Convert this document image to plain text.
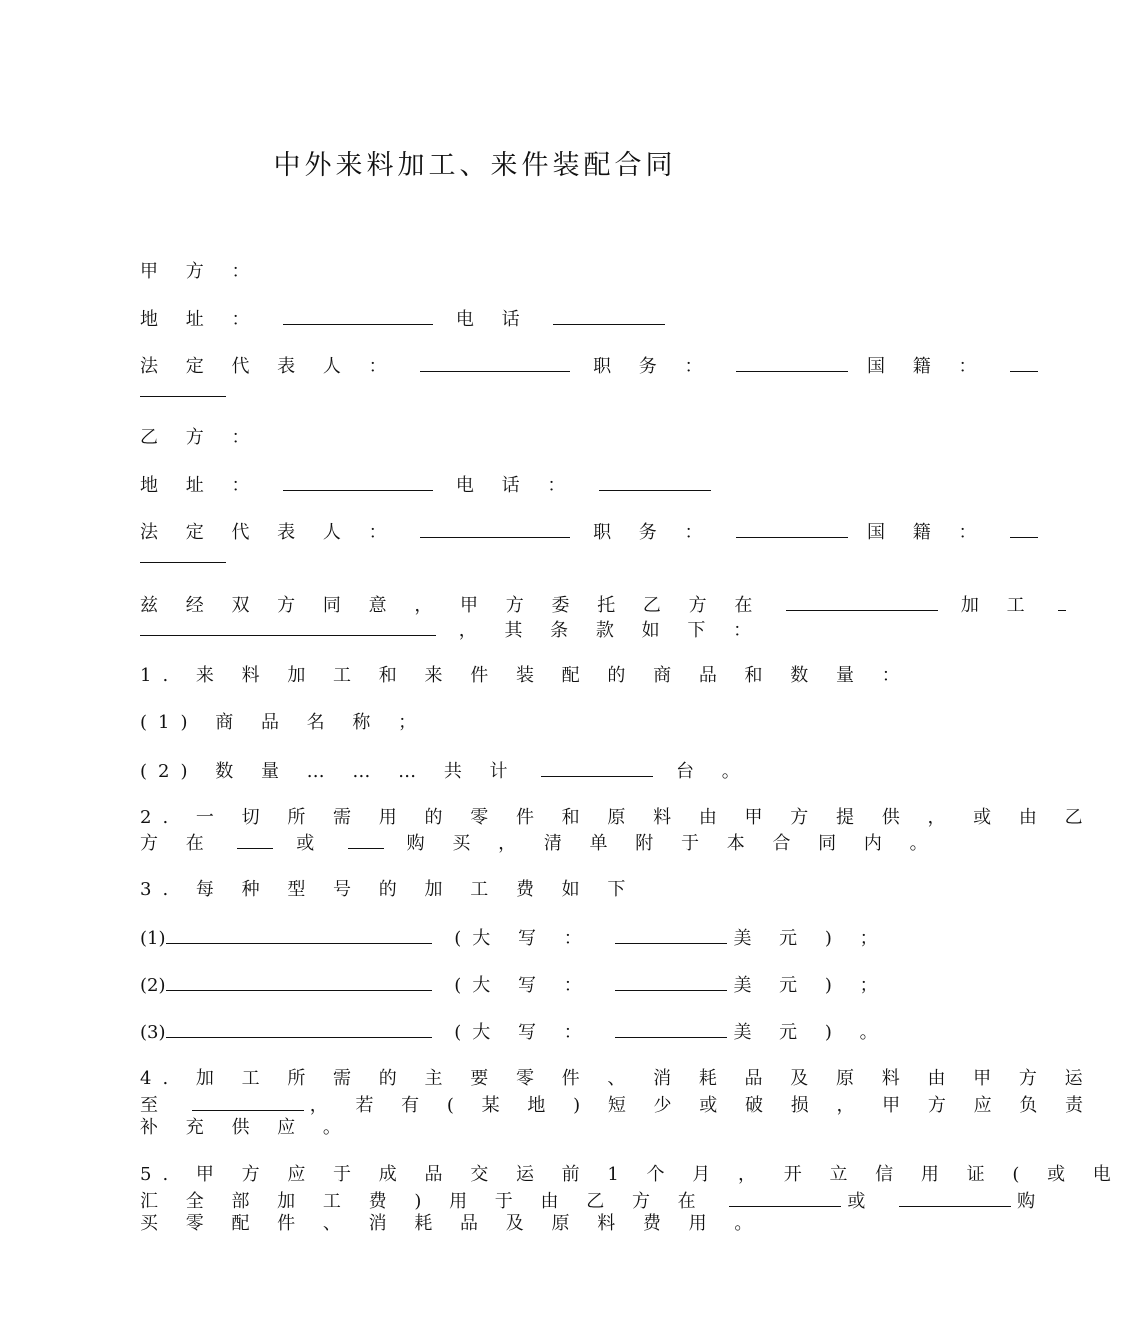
中外来料加工、来件装配合同
甲 方 ：
地 址 ：	电 话
法 定 代 表 人 ：	职 务 ：	国 籍 ：
乙 方 ：
地 址 ：	电 话 ：
法 定 代 表 人 ：	职 务 ：	国 籍 ：
兹 经 双 方 同 意 ， 甲 方 委 托 乙 方 在	加 工
， 其 条 款 如 下 ：
1. 来 料 加 工 和 来 件 装 配 的 商 品 和 数 量 ：
(1) 商 品 名 称 ；
(2) 数 量 … … … 共 计	台 。
2. 一 切 所 需 用 的 零 件 和 原 料 由 甲 方 提 供 ， 或 由 乙
方 在	或	购 买 ， 清 单 附 于 本 合 同 内 。
3. 每 种 型 号 的 加 工 费 如 下
(1)	(大 写 ：	美 元 ) ；
(2)	(大 写 ：	美 元 ) ；
(3)	(大 写 ：	美 元 ) 。
4. 加 工 所 需 的 主 要 零 件 、 消 耗 品 及 原 料 由 甲 方 运
至	， 若 有 ( 某 地 ) 短 少 或 破 损 ， 甲 方 应 负 责
补 充 供 应 。
5. 甲 方 应 于 成 品 交 运 前 1 个 月 ， 开 立 信 用 证 ( 或 电
汇 全 部 加 工 费 ) 用 于 由 乙 方 在	或	购
买 零 配 件 、 消 耗 品 及 原 料 费 用 。
